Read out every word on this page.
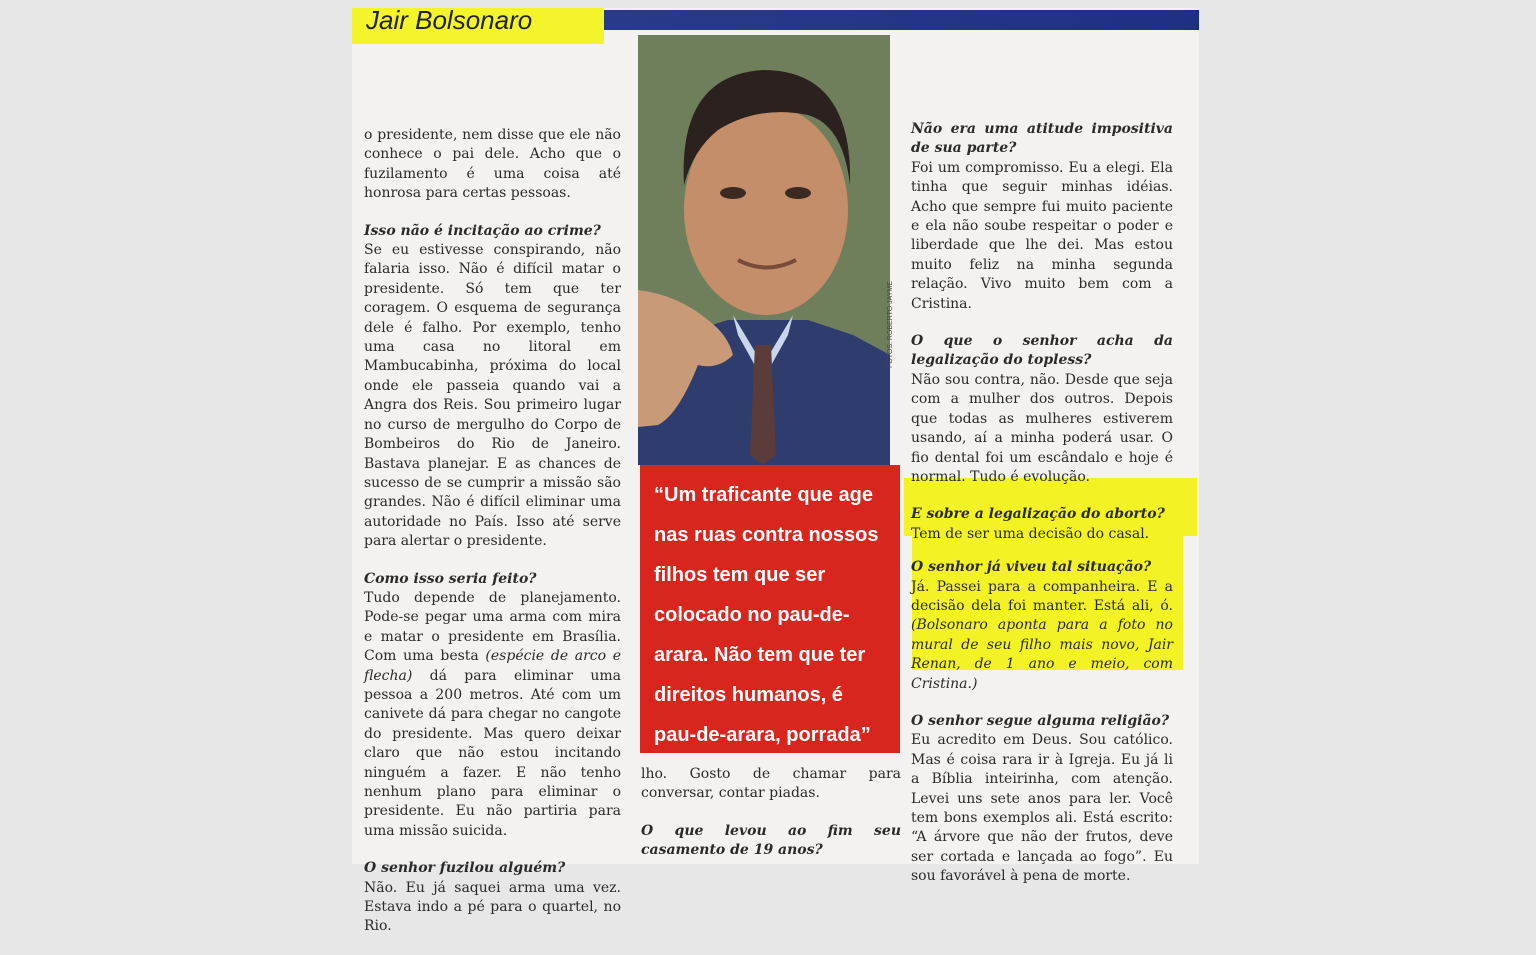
Jair Bolsonaro

o presidente, nem disse que ele não conhece o pai dele. Acho que o fuzilamento é uma coisa até honrosa para certas pessoas.

Isso não é incitação ao crime?
Se eu estivesse conspirando, não falaria isso. Não é difícil matar o presidente. Só tem que ter coragem. O esquema de segurança dele é falho. Por exemplo, tenho uma casa no litoral em Mambucabinha, próxima do local onde ele passeia quando vai a Angra dos Reis. Sou primeiro lugar no curso de mergulho do Corpo de Bombeiros do Rio de Janeiro. Bastava planejar. E as chances de sucesso de se cumprir a missão são grandes. Não é difícil eliminar uma autoridade no País. Isso até serve para alertar o presidente.

Como isso seria feito?
Tudo depende de planejamento. Pode-se pegar uma arma com mira e matar o presidente em Brasília. Com uma besta (espécie de arco e flecha) dá para eliminar uma pessoa a 200 metros. Até com um canivete dá para chegar no cangote do presidente. Mas quero deixar claro que não estou incitando ninguém a fazer. E não tenho nenhum plano para eliminar o presidente. Eu não partiria para uma missão suicida.

O senhor fuzilou alguém?
Não. Eu já saquei arma uma vez. Estava indo a pé para o quartel, no Rio.

FOTOS: ROBERTO JAYME
“Um traficante que age nas ruas contra nossos filhos tem que ser colocado no pau-de-arara. Não tem que ter direitos humanos, é pau-de-arara, porrada”

lho. Gosto de chamar para conversar, contar piadas.

O que levou ao fim seu casamento de 19 anos?

Não era uma atitude impositiva de sua parte?
Foi um compromisso. Eu a elegi. Ela tinha que seguir minhas idéias. Acho que sempre fui muito paciente e ela não soube respeitar o poder e liberdade que lhe dei. Mas estou muito feliz na minha segunda relação. Vivo muito bem com a Cristina.

O que o senhor acha da legalização do topless?
Não sou contra, não. Desde que seja com a mulher dos outros. Depois que todas as mulheres estiverem usando, aí a minha poderá usar. O fio dental foi um escândalo e hoje é normal. Tudo é evolução.

E sobre a legalização do aborto?
Tem de ser uma decisão do casal.

O senhor já viveu tal situação?
Já. Passei para a companheira. E a decisão dela foi manter. Está ali, ó. (Bolsonaro aponta para a foto no mural de seu filho mais novo, Jair Renan, de 1 ano e meio, com Cristina.)

O senhor segue alguma religião?
Eu acredito em Deus. Sou católico. Mas é coisa rara ir à Igreja. Eu já li a Bíblia inteirinha, com atenção. Levei uns sete anos para ler. Você tem bons exemplos ali. Está escrito: “A árvore que não der frutos, deve ser cortada e lançada ao fogo”. Eu sou favorável à pena de morte.
